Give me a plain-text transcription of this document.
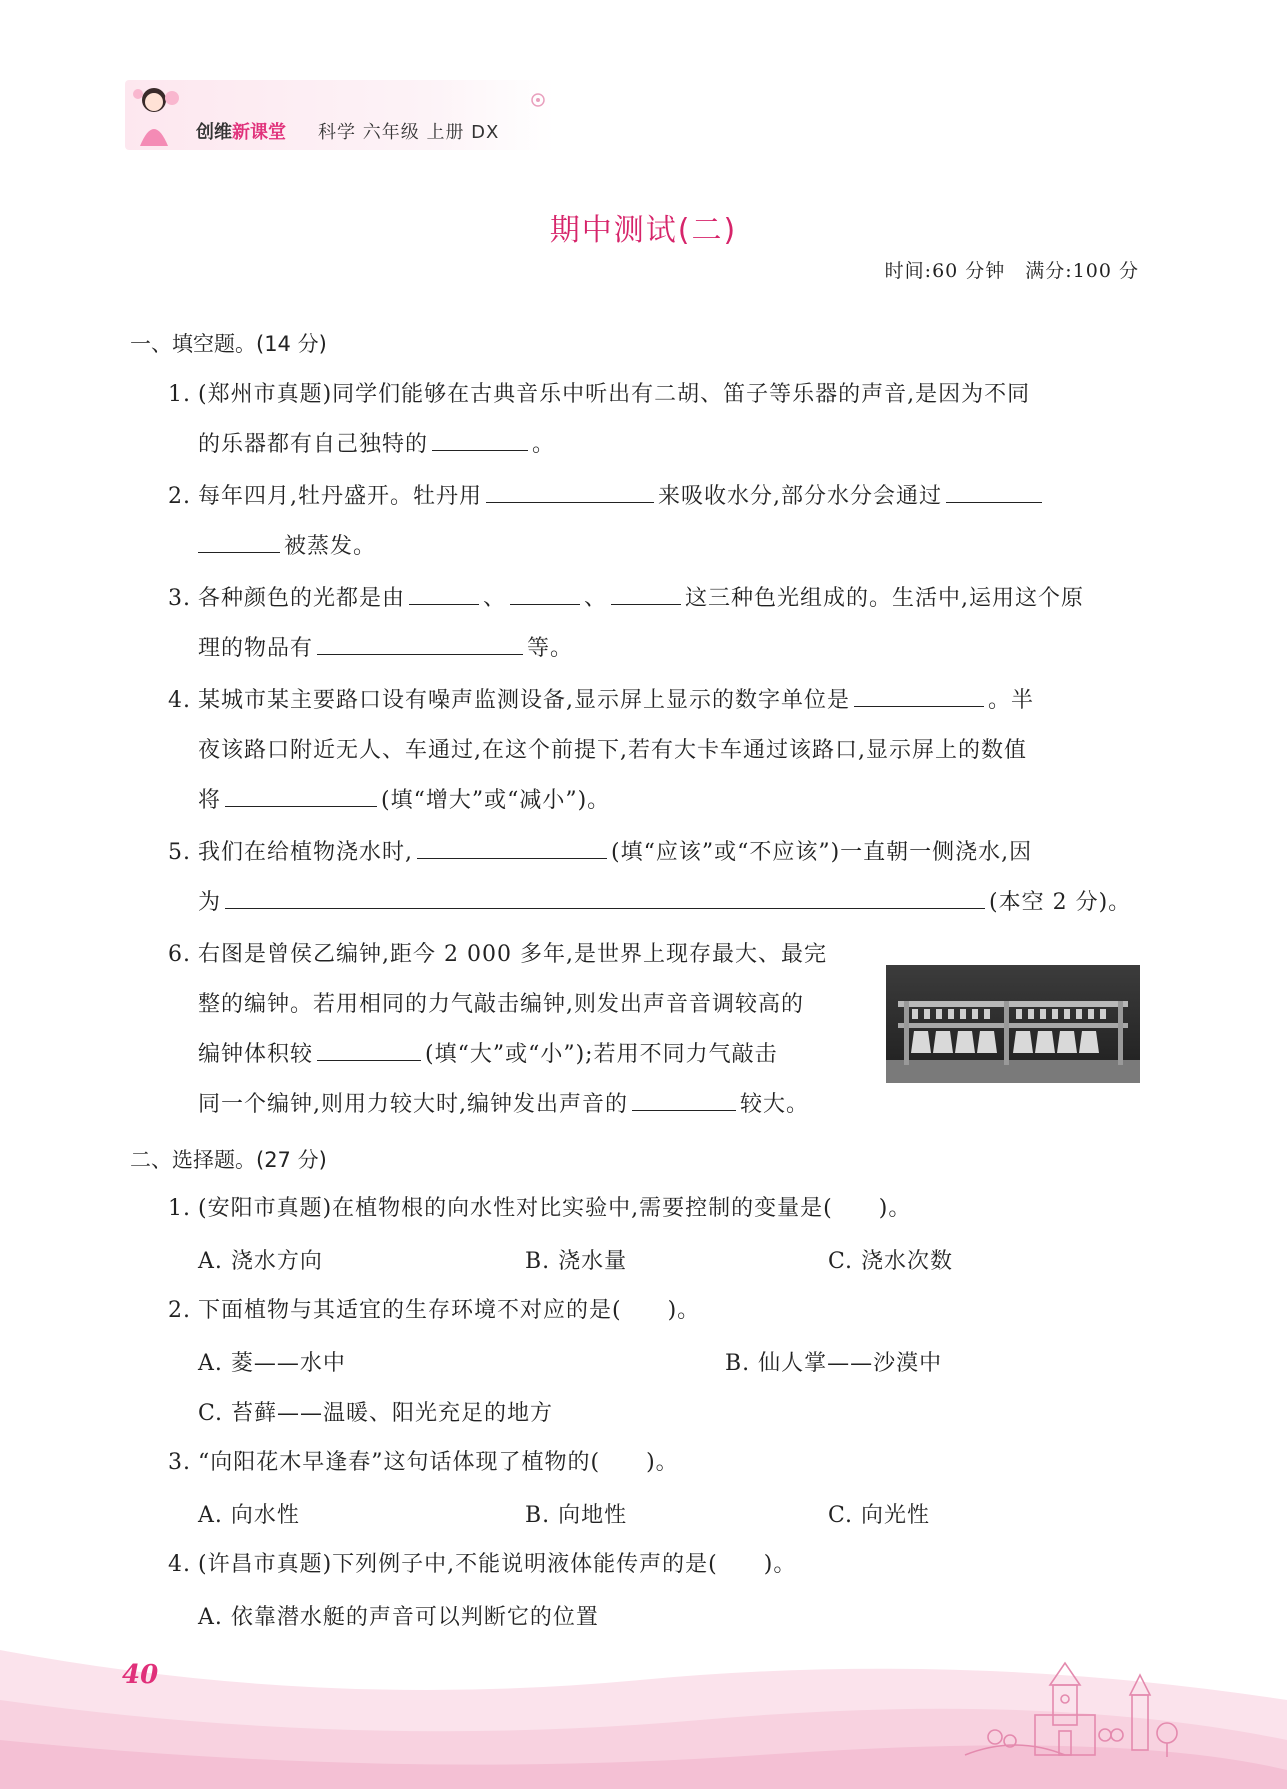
创维新课堂 科学 六年级 上册 DX
期中测试(二)
时间:60 分钟　满分:100 分
一、填空题。(14 分)
1. (郑州市真题)同学们能够在古典音乐中听出有二胡、笛子等乐器的声音,是因为不同
的乐器都有自己独特的	。
2. 每年四月,牡丹盛开。牡丹用	来吸收水分,部分水分会通过
被蒸发。
3. 各种颜色的光都是由	、	、	这三种色光组成的。生活中,运用这个原
理的物品有	等。
4. 某城市某主要路口设有噪声监测设备,显示屏上显示的数字单位是	。半
夜该路口附近无人、车通过,在这个前提下,若有大卡车通过该路口,显示屏上的数值
将	(填“增大”或“减小”)。
5. 我们在给植物浇水时,	(填“应该”或“不应该”)一直朝一侧浇水,因
为	(本空 2 分)。
6. 右图是曾侯乙编钟,距今 2 000 多年,是世界上现存最大、最完
整的编钟。若用相同的力气敲击编钟,则发出声音音调较高的
编钟体积较	(填“大”或“小”);若用不同力气敲击
同一个编钟,则用力较大时,编钟发出声音的	较大。
二、选择题。(27 分)
1. (安阳市真题)在植物根的向水性对比实验中,需要控制的变量是(　　)。
A. 浇水方向	B. 浇水量	C. 浇水次数
2. 下面植物与其适宜的生存环境不对应的是(　　)。
A. 菱——水中	B. 仙人掌——沙漠中
C. 苔藓——温暖、阳光充足的地方
3. “向阳花木早逢春”这句话体现了植物的(　　)。
A. 向水性	B. 向地性	C. 向光性
4. (许昌市真题)下列例子中,不能说明液体能传声的是(　　)。
A. 依靠潜水艇的声音可以判断它的位置
40
